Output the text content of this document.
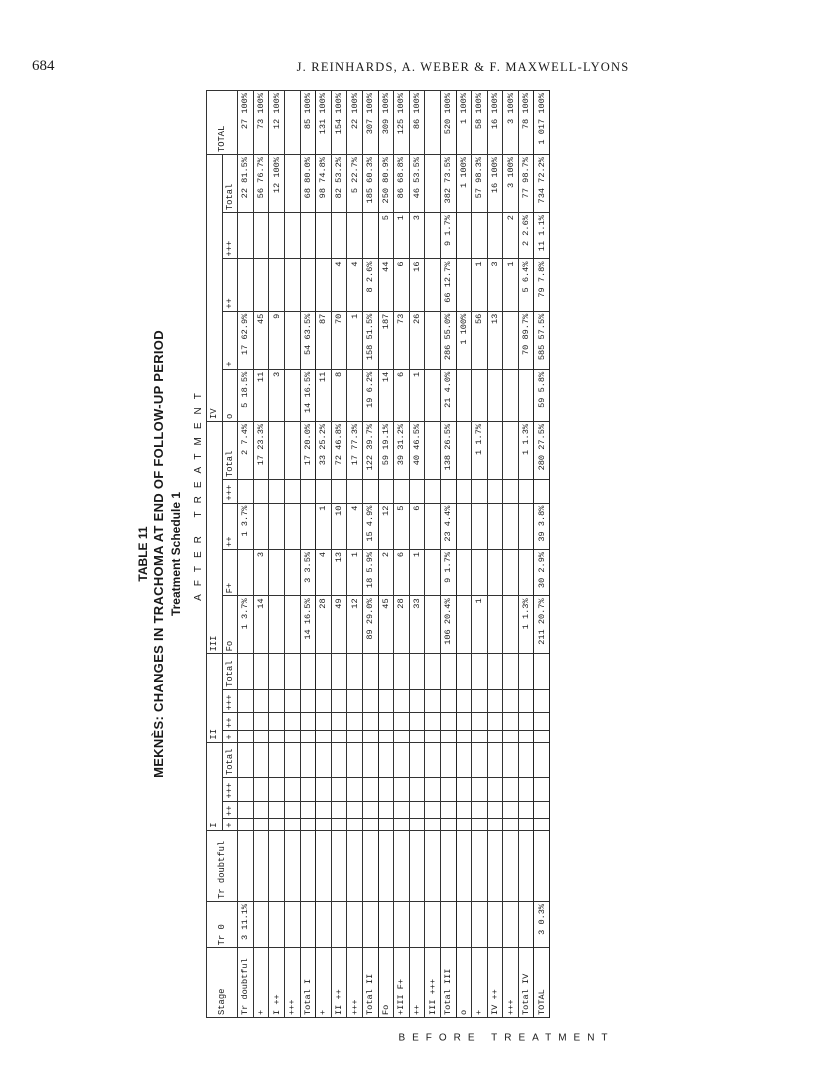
684	J. REINHARDS, A. WEBER & F. MAXWELL-LYONS
TABLE 11 MEKNÈS: CHANGES IN TRACHOMA AT END OF FOLLOW-UP PERIOD Treatment Schedule 1 AFTER TREATMENT
BEFORE TREATMENT
Stage	Tr 0	Tr doubtful	I				II				III					IV					TOTAL
			+	++	+++	Total	+	++	+++	Total	Fo	F+	++	+++	Total	o	+	++	+++	Total	
Tr doubtful	3 11.1%										1 3.7%		1 3.7%		2 7.4%	5 18.5%	17 62.9%			22 81.5%	27 100%
+											14	3			17 23.3%	11	45			56 76.7%	73 100%
I ++																3	9			12 100%	12 100%
+++																					
Total I											14 16.5%	3 3.5%			17 20.0%	14 16.5%	54 63.5%			68 80.0%	85 100%
+											28	4	1		33 25.2%	11	87			98 74.8%	131 100%
II ++											49	13	10		72 46.8%	8	70	4		82 53.2%	154 100%
+++											12	1	4		17 77.3%		1	4		5 22.7%	22 100%
Total II											89 29.0%	18 5.9%	15 4.9%		122 39.7%	19 6.2%	158 51.5%	8 2.6%		185 60.3%	307 100%
Fo											45	2	12		59 19.1%	14	187	44	5	250 80.9%	309 100%
+III F+											28	6	5		39 31.2%	6	73	6	1	86 68.8%	125 100%
++											33	1	6		40 46.5%	1	26	16	3	46 53.5%	86 100%
III +++																					
Total III											106 20.4%	9 1.7%	23 4.4%		138 26.5%	21 4.0%	286 55.0%	66 12.7%	9 1.7%	382 73.5%	520 100%
o																	1 100%			1 100%	1 100%
+											1				1 1.7%		56	1		57 98.3%	58 100%
IV ++																	13	3		16 100%	16 100%
+++																		1	2	3 100%	3 100%
Total IV											1 1.3%				1 1.3%		70 89.7%	5 6.4%	2 2.6%	77 98.7%	78 100%
TOTAL	3 0.3%										211 20.7%	30 2.9%	39 3.8%		280 27.5%	59 5.8%	585 57.5%	79 7.8%	11 1.1%	734 72.2%	1 017 100%
